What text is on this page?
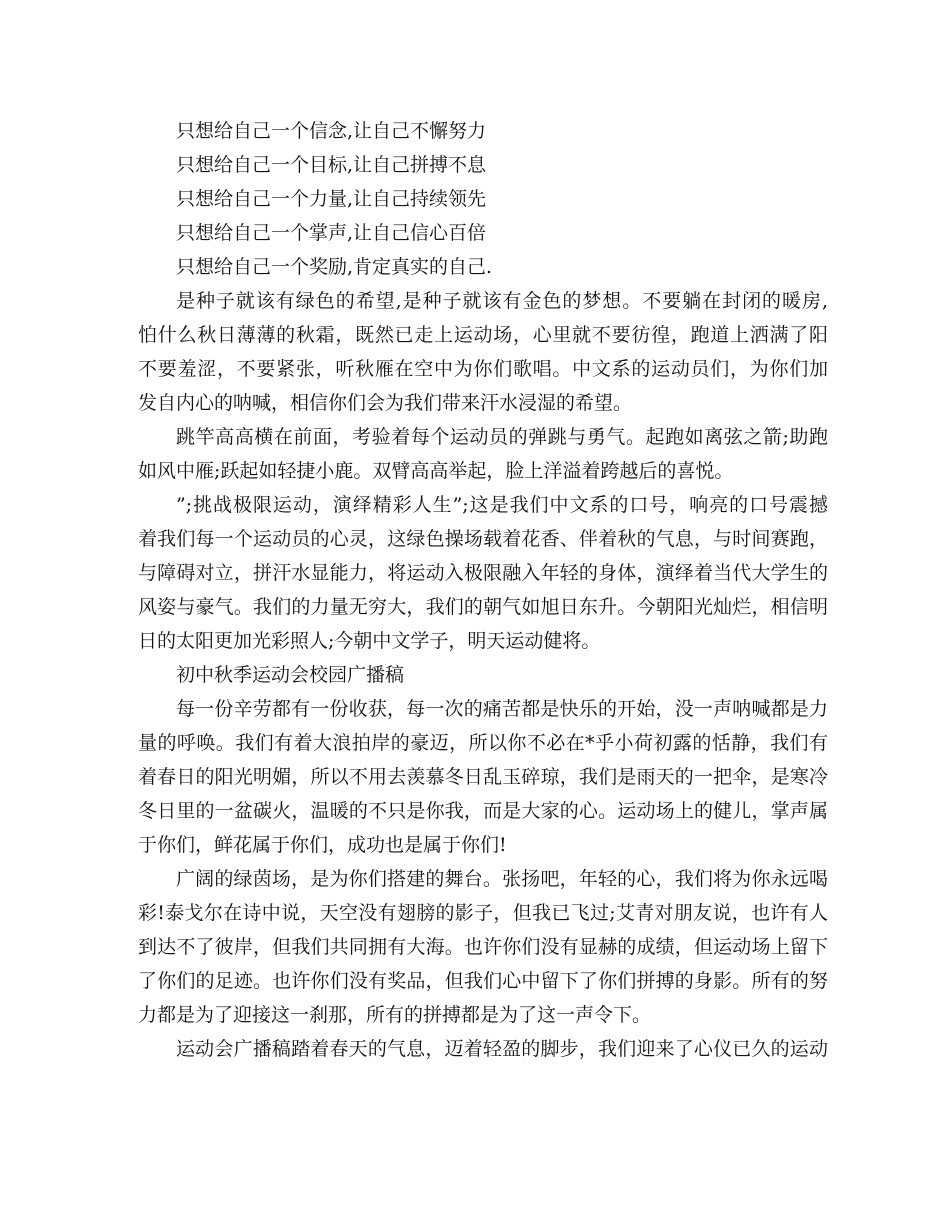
只想给自己一个信念,让自己不懈努力
只想给自己一个目标,让自己拼搏不息
只想给自己一个力量,让自己持续领先
只想给自己一个掌声,让自己信心百倍
只想给自己一个奖励,肯定真实的自己.
是种子就该有绿色的希望,是种子就该有金色的梦想。不要躺在封闭的暖房,
怕什么秋日薄薄的秋霜，既然已走上运动场，心里就不要彷徨，跑道上洒满了阳
不要羞涩，不要紧张，听秋雁在空中为你们歌唱。中文系的运动员们，为你们加
发自内心的呐喊，相信你们会为我们带来汗水浸湿的希望。
跳竿高高横在前面，考验着每个运动员的弹跳与勇气。起跑如离弦之箭;助跑
如风中雁;跃起如轻捷小鹿。双臂高高举起，脸上洋溢着跨越后的喜悦。
”;挑战极限运动，演绎精彩人生”;这是我们中文系的口号，响亮的口号震撼
着我们每一个运动员的心灵，这绿色操场载着花香、伴着秋的气息，与时间赛跑，
与障碍对立，拼汗水显能力，将运动入极限融入年轻的身体，演绎着当代大学生的
风姿与豪气。我们的力量无穷大，我们的朝气如旭日东升。今朝阳光灿烂，相信明
日的太阳更加光彩照人;今朝中文学子，明天运动健将。
初中秋季运动会校园广播稿
每一份辛劳都有一份收获，每一次的痛苦都是快乐的开始，没一声呐喊都是力
量的呼唤。我们有着大浪拍岸的豪迈，所以你不必在*乎小荷初露的恬静，我们有
着春日的阳光明媚，所以不用去羡慕冬日乱玉碎琼，我们是雨天的一把伞，是寒冷
冬日里的一盆碳火，温暖的不只是你我，而是大家的心。运动场上的健儿，掌声属
于你们，鲜花属于你们，成功也是属于你们!
广阔的绿茵场，是为你们搭建的舞台。张扬吧，年轻的心，我们将为你永远喝
彩!泰戈尔在诗中说，天空没有翅膀的影子，但我已飞过;艾青对朋友说，也许有人
到达不了彼岸，但我们共同拥有大海。也许你们没有显赫的成绩，但运动场上留下
了你们的足迹。也许你们没有奖品，但我们心中留下了你们拼搏的身影。所有的努
力都是为了迎接这一刹那，所有的拼搏都是为了这一声令下。
运动会广播稿踏着春天的气息，迈着轻盈的脚步，我们迎来了心仪已久的运动
